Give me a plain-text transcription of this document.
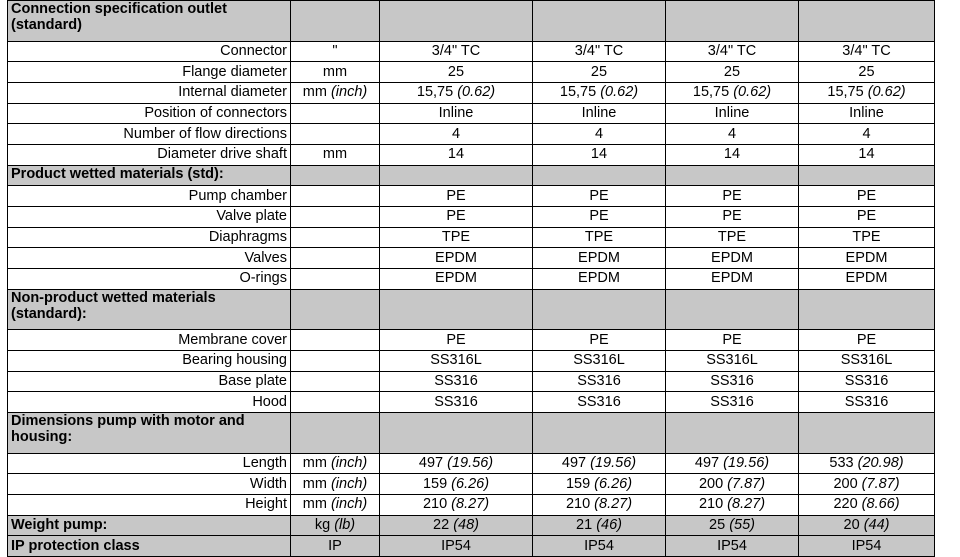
Connection specification outlet (standard)					
Connector	"	3/4" TC	3/4" TC	3/4" TC	3/4" TC
Flange diameter	mm	25	25	25	25
Internal diameter	mm (inch)	15,75 (0.62)	15,75 (0.62)	15,75 (0.62)	15,75 (0.62)
Position of connectors		Inline	Inline	Inline	Inline
Number of flow directions		4	4	4	4
Diameter drive shaft	mm	14	14	14	14
Product wetted materials (std):					
Pump chamber		PE	PE	PE	PE
Valve plate		PE	PE	PE	PE
Diaphragms		TPE	TPE	TPE	TPE
Valves		EPDM	EPDM	EPDM	EPDM
O-rings		EPDM	EPDM	EPDM	EPDM
Non-product wetted materials (standard):					
Membrane cover		PE	PE	PE	PE
Bearing housing		SS316L	SS316L	SS316L	SS316L
Base plate		SS316	SS316	SS316	SS316
Hood		SS316	SS316	SS316	SS316
Dimensions pump with motor and housing:					
Length	mm (inch)	497 (19.56)	497 (19.56)	497 (19.56)	533 (20.98)
Width	mm (inch)	159 (6.26)	159 (6.26)	200 (7.87)	200 (7.87)
Height	mm (inch)	210 (8.27)	210 (8.27)	210 (8.27)	220 (8.66)
Weight pump:	kg (lb)	22 (48)	21 (46)	25 (55)	20 (44)
IP protection class	IP	IP54	IP54	IP54	IP54
